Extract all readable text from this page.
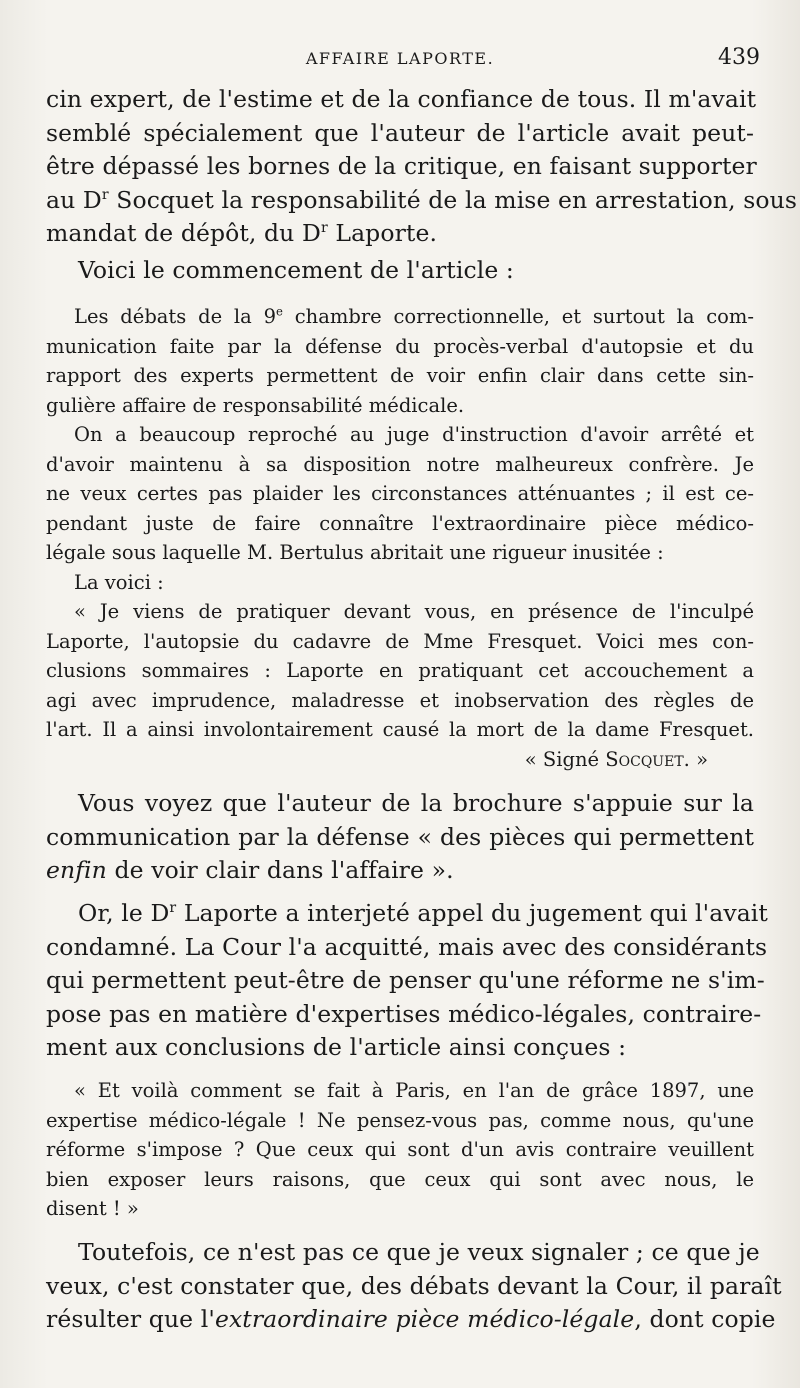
AFFAIRE LAPORTE.	439
cin expert, de l'estime et de la confiance de tous. Il m'avait
semblé spécialement que l'auteur de l'article avait peut-
être dépassé les bornes de la critique, en faisant supporter
au $D^r$ Socquet la responsabilité de la mise en arrestation, sous
mandat de dépôt, du $D^r$ Laporte.
Voici le commencement de l'article :
Les débats de la 9e chambre correctionnelle, et surtout la com-
munication faite par la défense du procès-verbal d'autopsie et du
rapport des experts permettent de voir enfin clair dans cette sin-
gulière affaire de responsabilité médicale.
On a beaucoup reproché au juge d'instruction d'avoir arrêté et
d'avoir maintenu à sa disposition notre malheureux confrère. Je
ne veux certes pas plaider les circonstances atténuantes ; il est ce-
pendant juste de faire connaître l'extraordinaire pièce médico-
légale sous laquelle M. Bertulus abritait une rigueur inusitée :
La voici :
« Je viens de pratiquer devant vous, en présence de l'inculpé
Laporte, l'autopsie du cadavre de Mme Fresquet. Voici mes con-
clusions sommaires : Laporte en pratiquant cet accouchement a
agi avec imprudence, maladresse et inobservation des règles de
l'art. Il a ainsi involontairement causé la mort de la dame Fresquet.
« Signé Socquet. »
Vous voyez que l'auteur de la brochure s'appuie sur la
communication par la défense « des pièces qui permettent
enfin de voir clair dans l'affaire ».
Or, le $D^r$ Laporte a interjeté appel du jugement qui l'avait
condamné. La Cour l'a acquitté, mais avec des considérants
qui permettent peut-être de penser qu'une réforme ne s'im-
pose pas en matière d'expertises médico-légales, contraire-
ment aux conclusions de l'article ainsi conçues :
« Et voilà comment se fait à Paris, en l'an de grâce 1897, une
expertise médico-légale ! Ne pensez-vous pas, comme nous, qu'une
réforme s'impose ? Que ceux qui sont d'un avis contraire veuillent
bien exposer leurs raisons, que ceux qui sont avec nous, le
disent ! »
Toutefois, ce n'est pas ce que je veux signaler ; ce que je
veux, c'est constater que, des débats devant la Cour, il paraît
résulter que l'extraordinaire pièce médico-légale, dont copie
